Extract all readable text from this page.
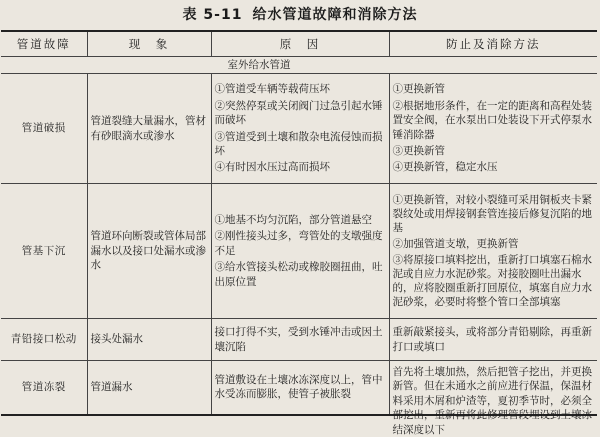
表 5-11 给水管道故障和消除方法
管道故障	现　象	原　因	防止及消除方法
室外给水管道			
管道破损	管道裂缝大量漏水，管材有砂眼滴水或渗水	①管道受车辆等载荷压坏
②突然停泵或关闭阀门过急引起水锤而破坏
③管道受到土壤和散杂电流侵蚀而损坏
④有时因水压过高而损坏	①更换新管
②根据地形条件，在一定的距离和高程处装置安全阀，在水泵出口处装设下开式停泵水锤消除器
③更换新管
④更换新管，稳定水压

管基下沉	管道环向断裂或管体局部漏水以及接口处漏水或渗水	①地基不均匀沉陷，部分管道悬空
②刚性接头过多，弯管处的支墩强度不足
③给水管接头松动或橡胶圈扭曲，吐出原位置	①更换新管，对较小裂缝可采用铜板夹卡紧裂纹处或用焊接钢套管连接后修复沉陷的地基
②加强管道支墩，更换新管
③将原接口填料挖出，重新打口填塞石棉水泥或自应力水泥砂浆。对接胶圈吐出漏水的，应将胶圈重新打回原位，填塞自应力水泥砂浆，必要时将整个管口全部填塞

青铅接口松动	接头处漏水	接口打得不实，受到水锤冲击或因土壤沉陷	重新敲紧接头，或将部分青铅剔除，再重新打口或填口
管道冻裂	管道漏水	管道敷设在土壤冰冻深度以上，管中水受冻而膨胀，使管子被胀裂	首先将土壤加热，然后把管子挖出，并更换新管。但在未通水之前应进行保温，保温材料采用木屑和炉渣等，夏初季节时，必须全部挖出，重新再将此修理管段埋设到土壤冰结深度以下
